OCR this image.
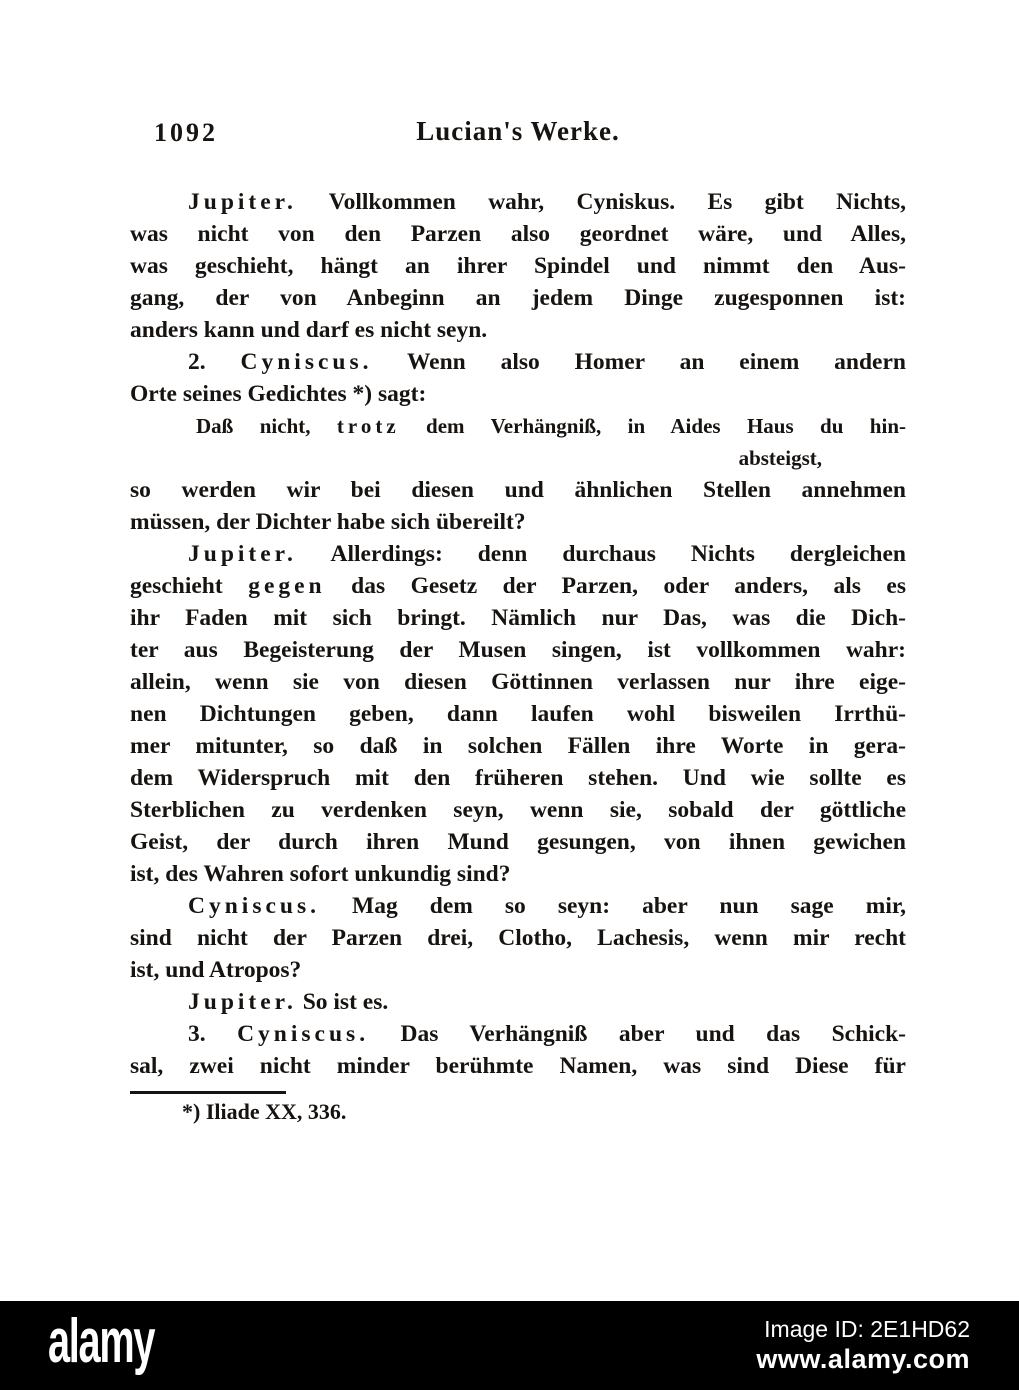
1092	Lucian's Werke.
Jupiter. Vollkommen wahr, Cyniskus. Es gibt Nichts,
was nicht von den Parzen also geordnet wäre, und Alles,
was geschieht, hängt an ihrer Spindel und nimmt den Aus-
gang, der von Anbeginn an jedem Dinge zugesponnen ist:
anders kann und darf es nicht seyn.
2. Cyniscus. Wenn also Homer an einem andern
Orte seines Gedichtes *) sagt:
Daß nicht, trotz dem Verhängniß, in Aides Haus du hin-
absteigst,
so werden wir bei diesen und ähnlichen Stellen annehmen
müssen, der Dichter habe sich übereilt?
Jupiter. Allerdings: denn durchaus Nichts dergleichen
geschieht gegen das Gesetz der Parzen, oder anders, als es
ihr Faden mit sich bringt. Nämlich nur Das, was die Dich-
ter aus Begeisterung der Musen singen, ist vollkommen wahr:
allein, wenn sie von diesen Göttinnen verlassen nur ihre eige-
nen Dichtungen geben, dann laufen wohl bisweilen Irrthü-
mer mitunter, so daß in solchen Fällen ihre Worte in gera-
dem Widerspruch mit den früheren stehen. Und wie sollte es
Sterblichen zu verdenken seyn, wenn sie, sobald der göttliche
Geist, der durch ihren Mund gesungen, von ihnen gewichen
ist, des Wahren sofort unkundig sind?
Cyniscus. Mag dem so seyn: aber nun sage mir,
sind nicht der Parzen drei, Clotho, Lachesis, wenn mir recht
ist, und Atropos?
Jupiter. So ist es.
3. Cyniscus. Das Verhängniß aber und das Schick-
sal, zwei nicht minder berühmte Namen, was sind Diese für
*) Iliade XX, 336.
alamy	Image ID: 2E1HD62
www.alamy.com
